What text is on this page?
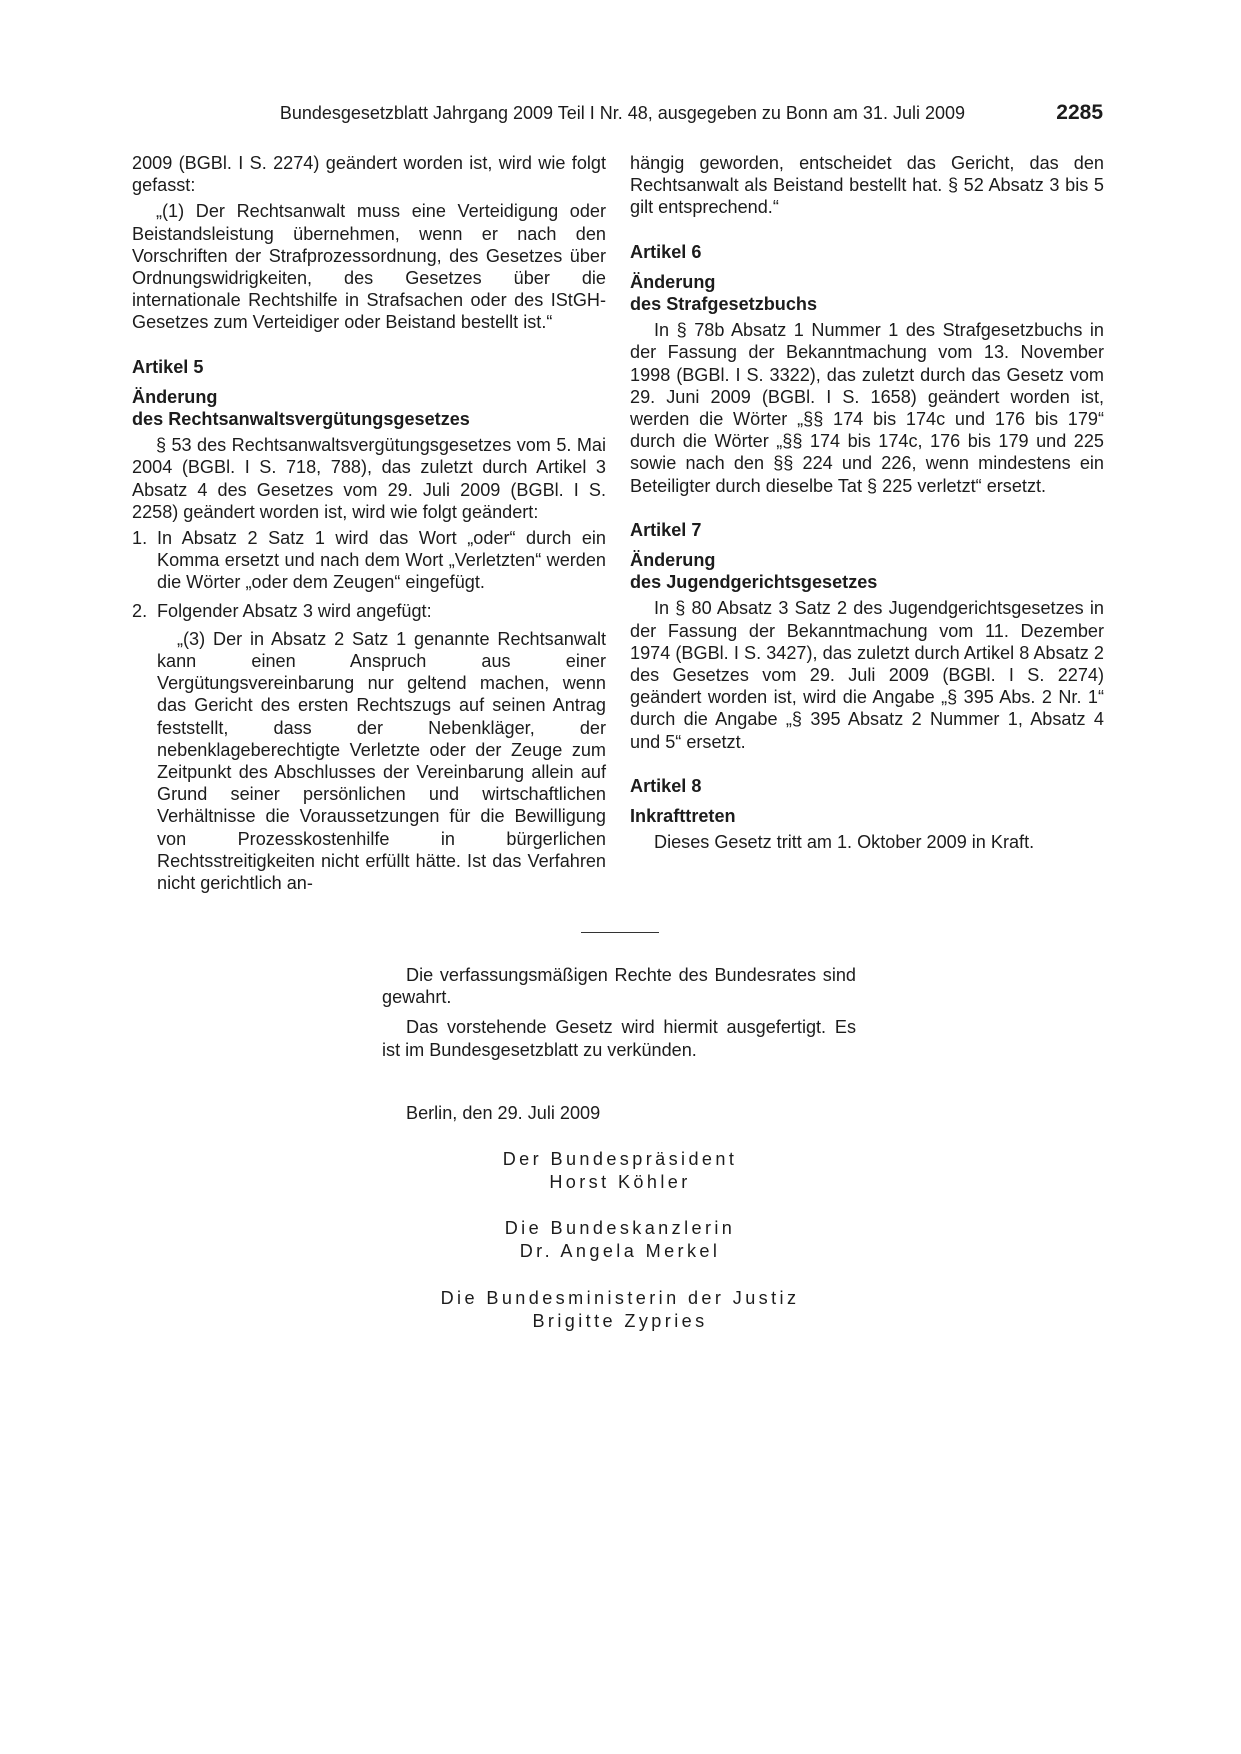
Bundesgesetzblatt Jahrgang 2009 Teil I Nr. 48, ausgegeben zu Bonn am 31. Juli 2009	2285

2009 (BGBl. I S. 2274) geändert worden ist, wird wie folgt gefasst:

„(1) Der Rechtsanwalt muss eine Verteidigung oder Beistandsleistung übernehmen, wenn er nach den Vorschriften der Strafprozessordnung, des Gesetzes über Ordnungswidrigkeiten, des Gesetzes über die internationale Rechtshilfe in Strafsachen oder des IStGH-Gesetzes zum Verteidiger oder Beistand bestellt ist.“

Artikel 5

Änderung

des Rechtsanwaltsvergütungsgesetzes

§ 53 des Rechtsanwaltsvergütungsgesetzes vom 5. Mai 2004 (BGBl. I S. 718, 788), das zuletzt durch Artikel 3 Absatz 4 des Gesetzes vom 29. Juli 2009 (BGBl. I S. 2258) geändert worden ist, wird wie folgt geändert:

1. In Absatz 2 Satz 1 wird das Wort „oder“ durch ein Komma ersetzt und nach dem Wort „Verletzten“ werden die Wörter „oder dem Zeugen“ eingefügt.
2. Folgender Absatz 3 wird angefügt:

„(3) Der in Absatz 2 Satz 1 genannte Rechtsanwalt kann einen Anspruch aus einer Vergütungsvereinbarung nur geltend machen, wenn das Gericht des ersten Rechtszugs auf seinen Antrag feststellt, dass der Nebenkläger, der nebenklageberechtigte Verletzte oder der Zeuge zum Zeitpunkt des Abschlusses der Vereinbarung allein auf Grund seiner persönlichen und wirtschaftlichen Verhältnisse die Voraussetzungen für die Bewilligung von Prozesskostenhilfe in bürgerlichen Rechtsstreitigkeiten nicht erfüllt hätte. Ist das Verfahren nicht gerichtlich an-

hängig geworden, entscheidet das Gericht, das den Rechtsanwalt als Beistand bestellt hat. § 52 Absatz 3 bis 5 gilt entsprechend.“

Artikel 6

Änderung

des Strafgesetzbuchs

In § 78b Absatz 1 Nummer 1 des Strafgesetzbuchs in der Fassung der Bekanntmachung vom 13. November 1998 (BGBl. I S. 3322), das zuletzt durch das Gesetz vom 29. Juni 2009 (BGBl. I S. 1658) geändert worden ist, werden die Wörter „§§ 174 bis 174c und 176 bis 179“ durch die Wörter „§§ 174 bis 174c, 176 bis 179 und 225 sowie nach den §§ 224 und 226, wenn mindestens ein Beteiligter durch dieselbe Tat § 225 verletzt“ ersetzt.

Artikel 7

Änderung

des Jugendgerichtsgesetzes

In § 80 Absatz 3 Satz 2 des Jugendgerichtsgesetzes in der Fassung der Bekanntmachung vom 11. Dezember 1974 (BGBl. I S. 3427), das zuletzt durch Artikel 8 Absatz 2 des Gesetzes vom 29. Juli 2009 (BGBl. I S. 2274) geändert worden ist, wird die Angabe „§ 395 Abs. 2 Nr. 1“ durch die Angabe „§ 395 Absatz 2 Nummer 1, Absatz 4 und 5“ ersetzt.

Artikel 8

Inkrafttreten

Dieses Gesetz tritt am 1. Oktober 2009 in Kraft.

Die verfassungsmäßigen Rechte des Bundesrates sind gewahrt.

Das vorstehende Gesetz wird hiermit ausgefertigt. Es ist im Bundesgesetzblatt zu verkünden.

Berlin, den 29. Juli 2009
Der Bundespräsident
Horst Köhler
Die Bundeskanzlerin
Dr. Angela Merkel
Die Bundesministerin der Justiz
Brigitte Zypries
